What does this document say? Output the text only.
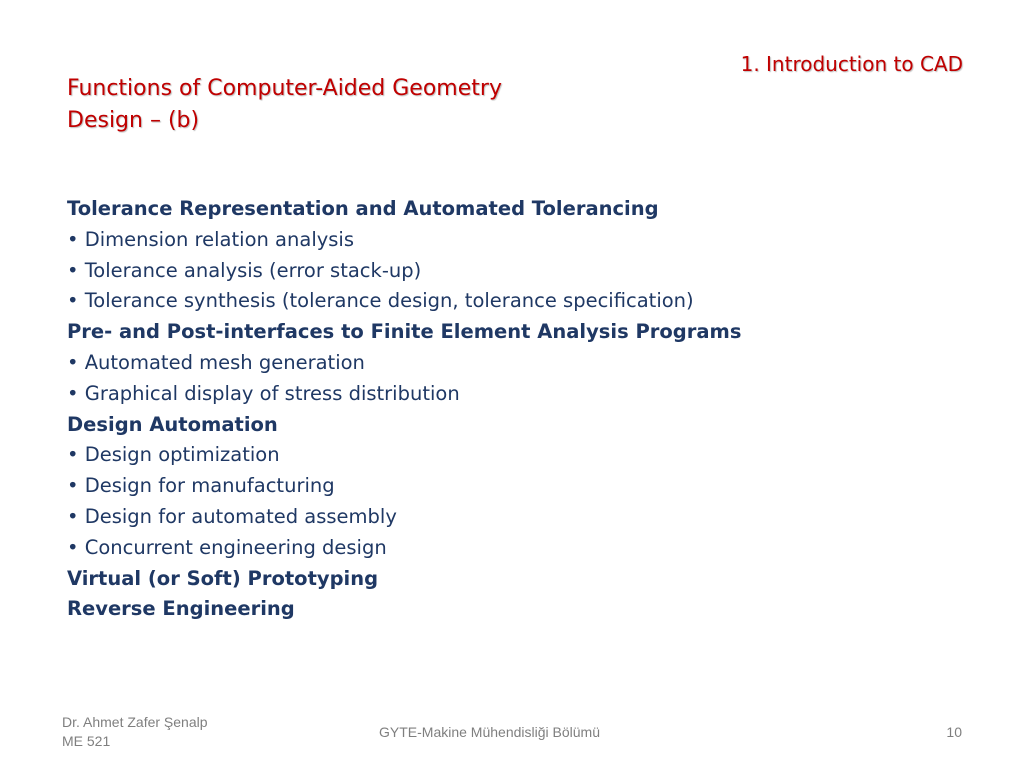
1. Introduction to CAD
Functions of Computer-Aided Geometry
Design – (b)
Tolerance Representation and Automated Tolerancing
• Dimension relation analysis
• Tolerance analysis (error stack-up)
• Tolerance synthesis (tolerance design, tolerance specification)
Pre- and Post-interfaces to Finite Element Analysis Programs
• Automated mesh generation
• Graphical display of stress distribution
Design Automation
• Design optimization
• Design for manufacturing
• Design for automated assembly
• Concurrent engineering design
Virtual (or Soft) Prototyping
Reverse Engineering
Dr. Ahmet Zafer Şenalp
ME 521
GYTE-Makine Mühendisliği Bölümü	10
